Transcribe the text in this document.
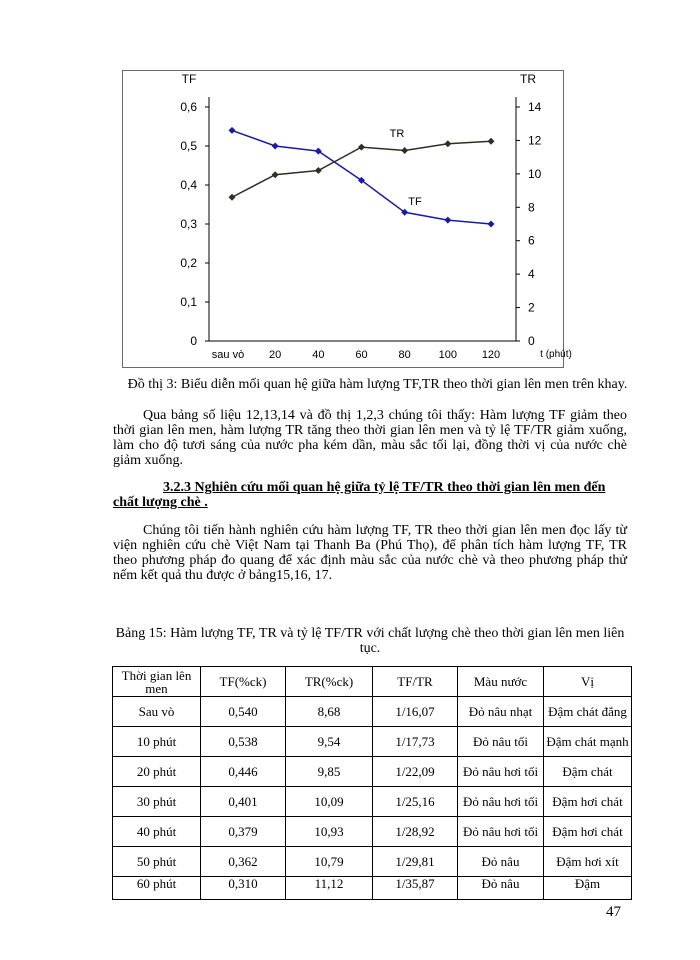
0
0,1
0,2
0,3
0,4
0,5
0,6
TF
0
2
4
6
8
10
12
14
TR
sau vò 20	40	60	80	100 120	t (phút)
TR
TF
Đồ thị 3: Biểu diễn mối quan hệ giữa hàm lượng TF,TR theo thời gian lên men trên khay.

Qua bảng số liệu 12,13,14 và đồ thị 1,2,3 chúng tôi thấy: Hàm lượng TF giảm theo thời gian lên men, hàm lượng TR tăng theo thời gian lên men và tỷ lệ TF/TR giảm xuống, làm cho độ tươi sáng của nước pha kém dần, màu sắc tối lại, đồng thời vị của nước chè giảm xuống.

3.2.3 Nghiên cứu mối quan hệ giữa tỷ lệ TF/TR theo thời gian lên men đến chất lượng chè .

Chúng tôi tiến hành nghiên cứu hàm lượng TF, TR theo thời gian lên men đọc lấy từ viện nghiên cứu chè Việt Nam tại Thanh Ba (Phú Thọ), để phân tích hàm lượng TF, TR theo phương pháp đo quang để xác định màu sắc của nước chè và theo phương pháp thử nếm kết quả thu được ở bảng15,16, 17.

Bảng 15: Hàm lượng TF, TR và tỷ lệ TF/TR với chất lượng chè theo thời gian lên men liên tục.
Thời gian lên men	TF(%ck)	TR(%ck)	TF/TR	Màu nước	Vị
Sau vò	0,540	8,68	1/16,07	Đỏ nâu nhạt	Đậm chát đắng
10 phút	0,538	9,54	1/17,73	Đỏ nâu tối	Đậm chát mạnh
20 phút	0,446	9,85	1/22,09	Đỏ nâu hơi tối	Đậm chát
30 phút	0,401	10,09	1/25,16	Đỏ nâu hơi tối	Đậm hơi chát
40 phút	0,379	10,93	1/28,92	Đỏ nâu hơi tối	Đậm hơi chát
50 phút	0,362	10,79	1/29,81	Đỏ nâu	Đậm hơi xít
60 phút	0,310	11,12	1/35,87	Đỏ nâu	Đậm
47
